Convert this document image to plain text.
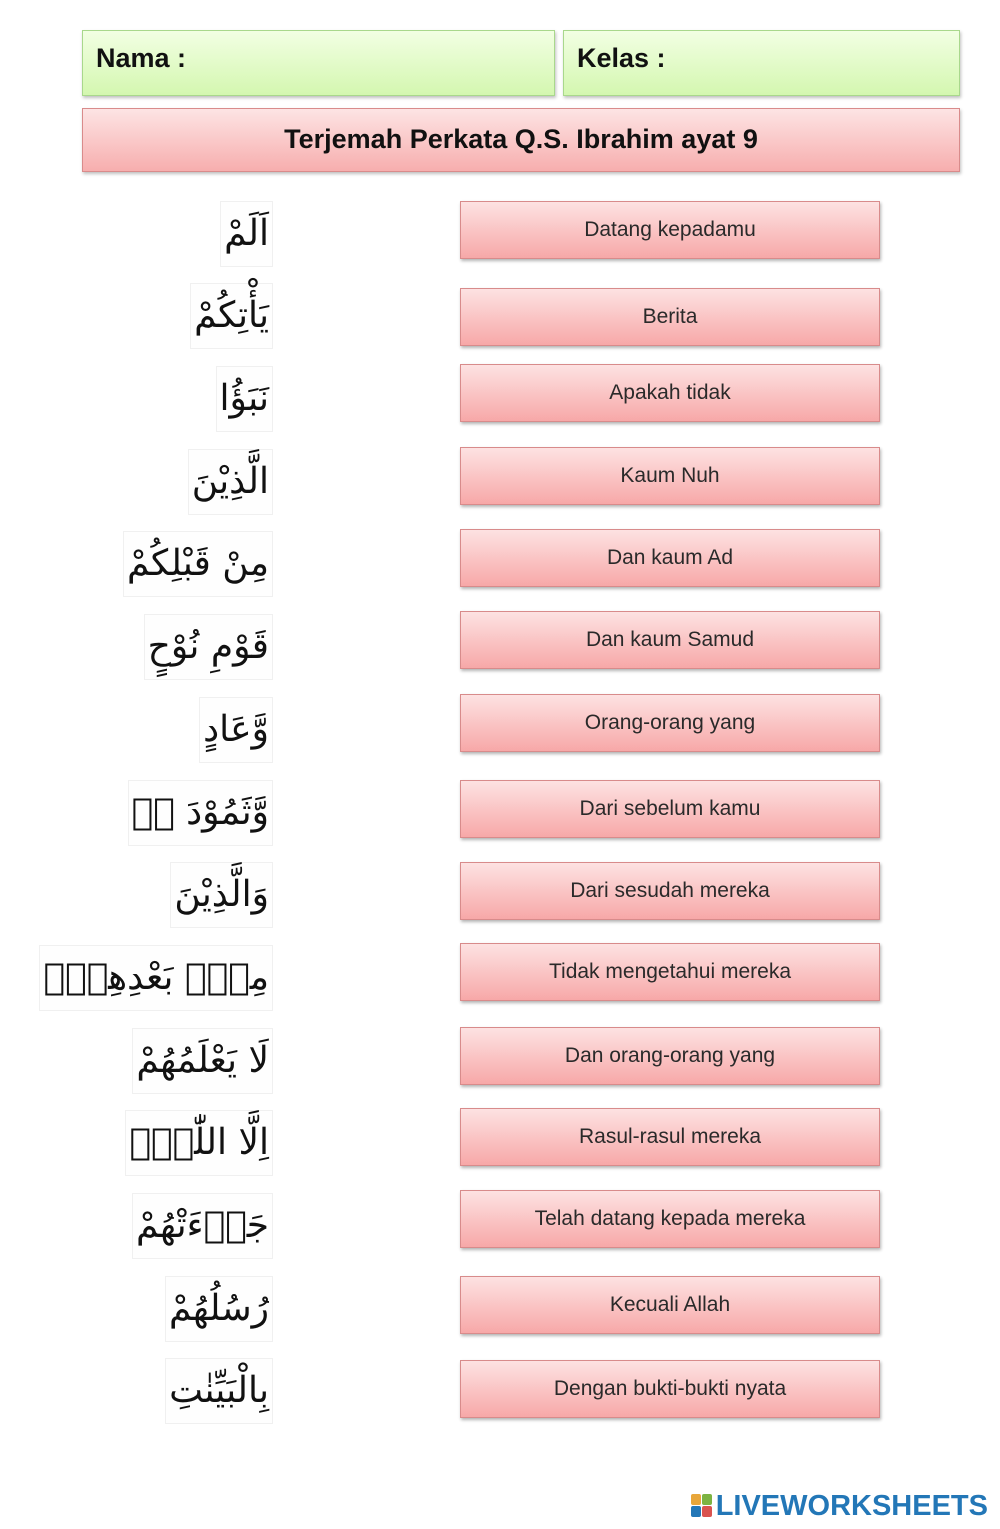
Nama :	Kelas :
Terjemah Perkata Q.S. Ibrahim ayat 9
اَلَمْ
يَأْتِكُمْ
نَبَؤُا
الَّذِيْنَ
مِنْ قَبْلِكُمْ
قَوْمِ نُوْحٍ
وَّعَادٍ
وَّثَمُوْدَ ەۗ
وَالَّذِيْنَ
مِنْۢ بَعْدِهِمْۗ
لَا يَعْلَمُهُمْ
اِلَّا اللّٰهُۗ
جَاۤءَتْهُمْ
رُسُلُهُمْ
بِالْبَيِّنٰتِ
Datang kepadamu
Berita
Apakah tidak
Kaum Nuh
Dan kaum Ad
Dan kaum Samud
Orang-orang yang
Dari sebelum kamu
Dari sesudah mereka
Tidak mengetahui mereka
Dan orang-orang yang
Rasul-rasul mereka
Telah datang kepada mereka
Kecuali Allah
Dengan bukti-bukti nyata
LIVEWORKSHEETS
